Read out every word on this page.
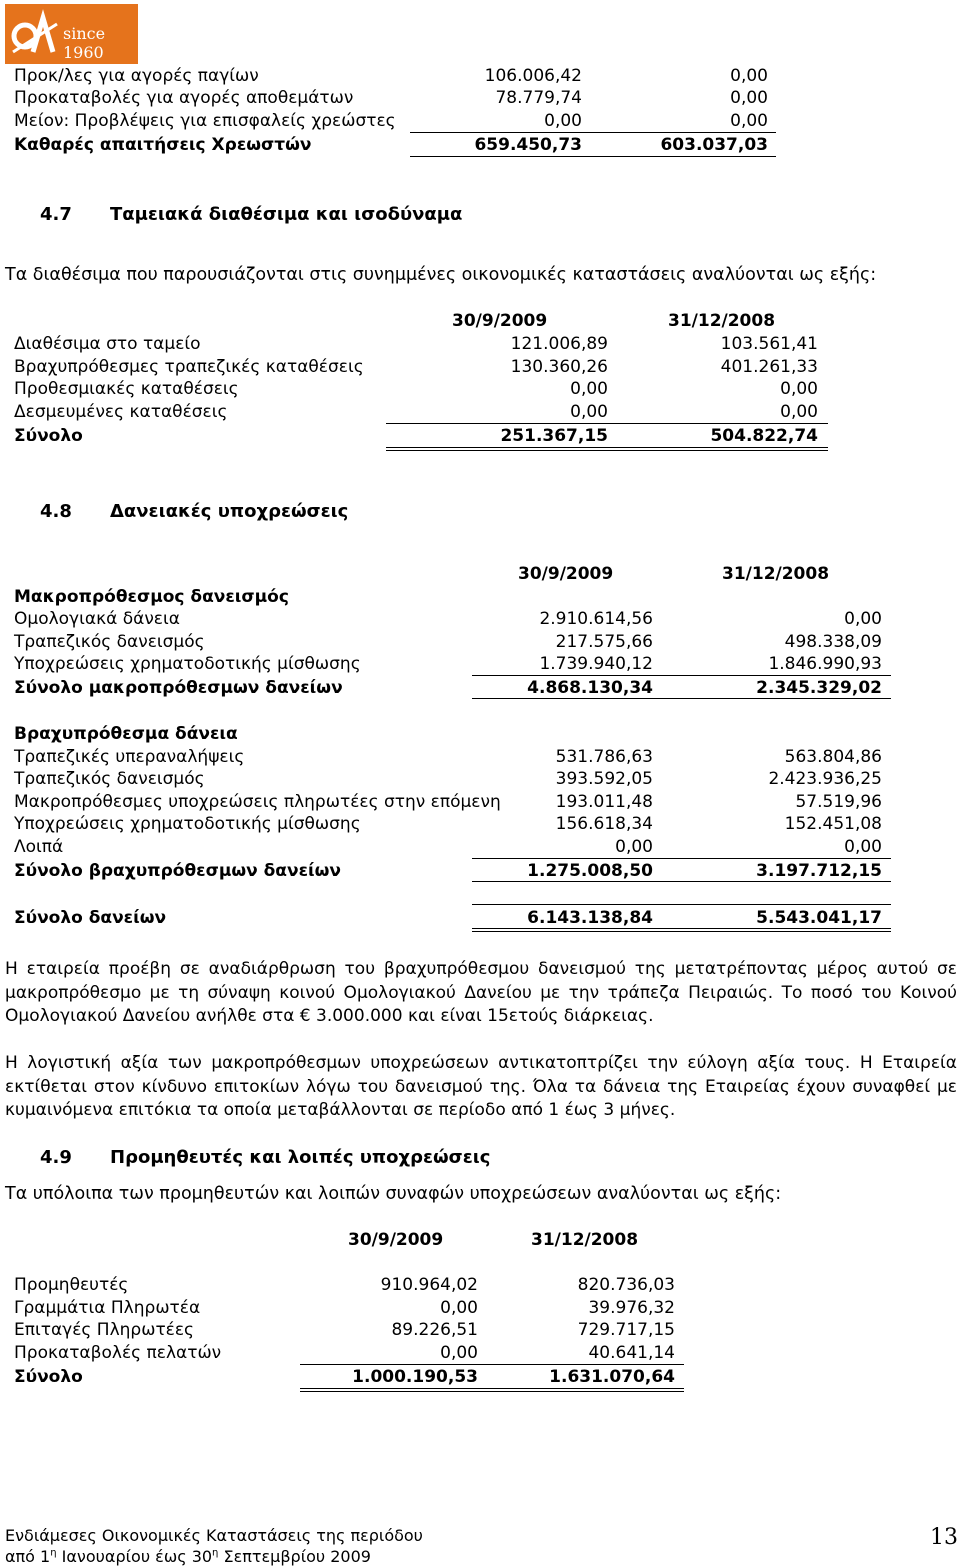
since 1960
Προκ/λες για αγορές παγίων	106.006,42	0,00
Προκαταβολές για αγορές αποθεμάτων	78.779,74	0,00
Μείον: Προβλέψεις για επισφαλείς χρεώστες	0,00	0,00
Καθαρές απαιτήσεις Χρεωστών	659.450,73	603.037,03
4.7 Ταμειακά διαθέσιμα και ισοδύναμα
Τα διαθέσιμα που παρουσιάζονται στις συνημμένες οικονομικές καταστάσεις αναλύονται ως εξής:
30/9/2009	31/12/2008
Διαθέσιμα στο ταμείο	121.006,89	103.561,41
Βραχυπρόθεσμες τραπεζικές καταθέσεις	130.360,26	401.261,33
Προθεσμιακές καταθέσεις	0,00	0,00
Δεσμευμένες καταθέσεις	0,00	0,00
Σύνολο	251.367,15	504.822,74
4.8 Δανειακές υποχρεώσεις
30/9/2009	31/12/2008
Μακροπρόθεσμος δανεισμός
Ομολογιακά δάνεια	2.910.614,56	0,00
Τραπεζικός δανεισμός	217.575,66	498.338,09
Υποχρεώσεις χρηματοδοτικής μίσθωσης	1.739.940,12	1.846.990,93
Σύνολο μακροπρόθεσμων δανείων	4.868.130,34	2.345.329,02
Βραχυπρόθεσμα δάνεια
Τραπεζικές υπεραναλήψεις	531.786,63	563.804,86
Τραπεζικός δανεισμός	393.592,05	2.423.936,25
Μακροπρόθεσμες υποχρεώσεις πληρωτέες στην επόμενη	193.011,48	57.519,96
Υποχρεώσεις χρηματοδοτικής μίσθωσης	156.618,34	152.451,08
Λοιπά	0,00	0,00
Σύνολο βραχυπρόθεσμων δανείων	1.275.008,50	3.197.712,15
Σύνολο δανείων	6.143.138,84	5.543.041,17
Η εταιρεία προέβη σε αναδιάρθρωση του βραχυπρόθεσμου δανεισμού της μετατρέποντας μέρος αυτού σε μακροπρόθεσμο με τη σύναψη κοινού Ομολογιακού Δανείου με την τράπεζα Πειραιώς. Το ποσό του Κοινού Ομολογιακού Δανείου ανήλθε στα € 3.000.000 και είναι 15ετούς διάρκειας.
Η λογιστική αξία των μακροπρόθεσμων υποχρεώσεων αντικατοπτρίζει την εύλογη αξία τους. Η Εταιρεία εκτίθεται στον κίνδυνο επιτοκίων λόγω του δανεισμού της. Όλα τα δάνεια της Εταιρείας έχουν συναφθεί με κυμαινόμενα επιτόκια τα οποία μεταβάλλονται σε περίοδο από 1 έως 3 μήνες.
4.9 Προμηθευτές και λοιπές υποχρεώσεις
Τα υπόλοιπα των προμηθευτών και λοιπών συναφών υποχρεώσεων αναλύονται ως εξής:
30/9/2009	31/12/2008
Προμηθευτές	910.964,02	820.736,03
Γραμμάτια Πληρωτέα	0,00	39.976,32
Επιταγές Πληρωτέες	89.226,51	729.717,15
Προκαταβολές πελατών	0,00	40.641,14
Σύνολο	1.000.190,53	1.631.070,64
Ενδιάμεσες Οικονομικές Καταστάσεις της περιόδου
από $1^\eta$ Ιανουαρίου έως $30^\eta$ Σεπτεμβρίου 2009
13
